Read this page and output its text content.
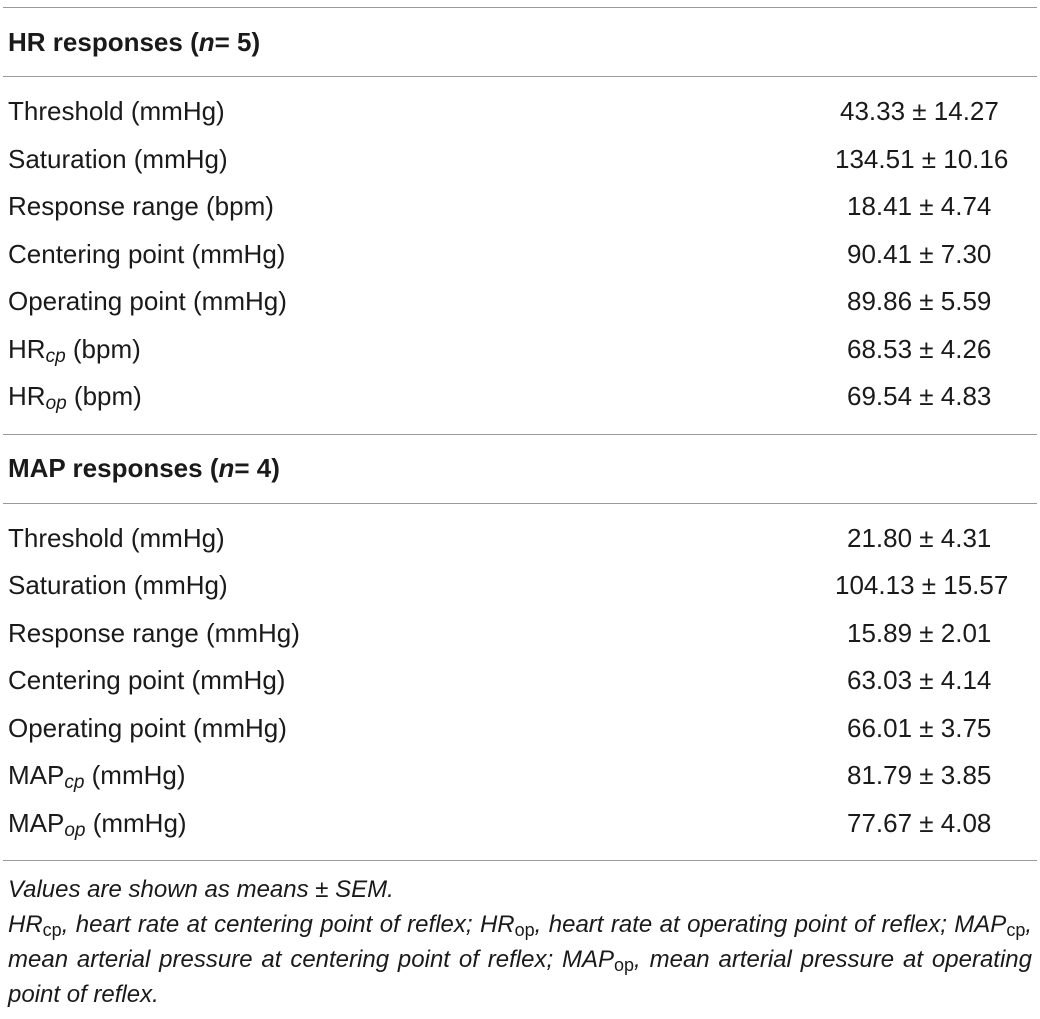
HR responses ( n = 5)
Threshold (mmHg)	43.33 ± 14.27
Saturation (mmHg)	134.51 ± 10.16
Response range (bpm)	18.41 ± 4.74
Centering point (mmHg)	90.41 ± 7.30
Operating point (mmHg)	89.86 ± 5.59
$HR_{cp}$ (bpm)	68.53 ± 4.26
$HR_{op}$ (bpm)	69.54 ± 4.83
MAP responses ( n = 4)
Threshold (mmHg)	21.80 ± 4.31
Saturation (mmHg)	104.13 ± 15.57
Response range (mmHg)	15.89 ± 2.01
Centering point (mmHg)	63.03 ± 4.14
Operating point (mmHg)	66.01 ± 3.75
$MAP_{cp}$ (mmHg)	81.79 ± 3.85
$MAP_{op}$ (mmHg)	77.67 ± 4.08
Values are shown as means ± SEM.
$HR_{cp}$, heart rate at centering point of reflex; $HR_{op}$, heart rate at operating point of reflex; $MAP_{cp}$, mean arterial pressure at centering point of reflex; $MAP_{op}$, mean arterial pressure at operating point of reflex.
